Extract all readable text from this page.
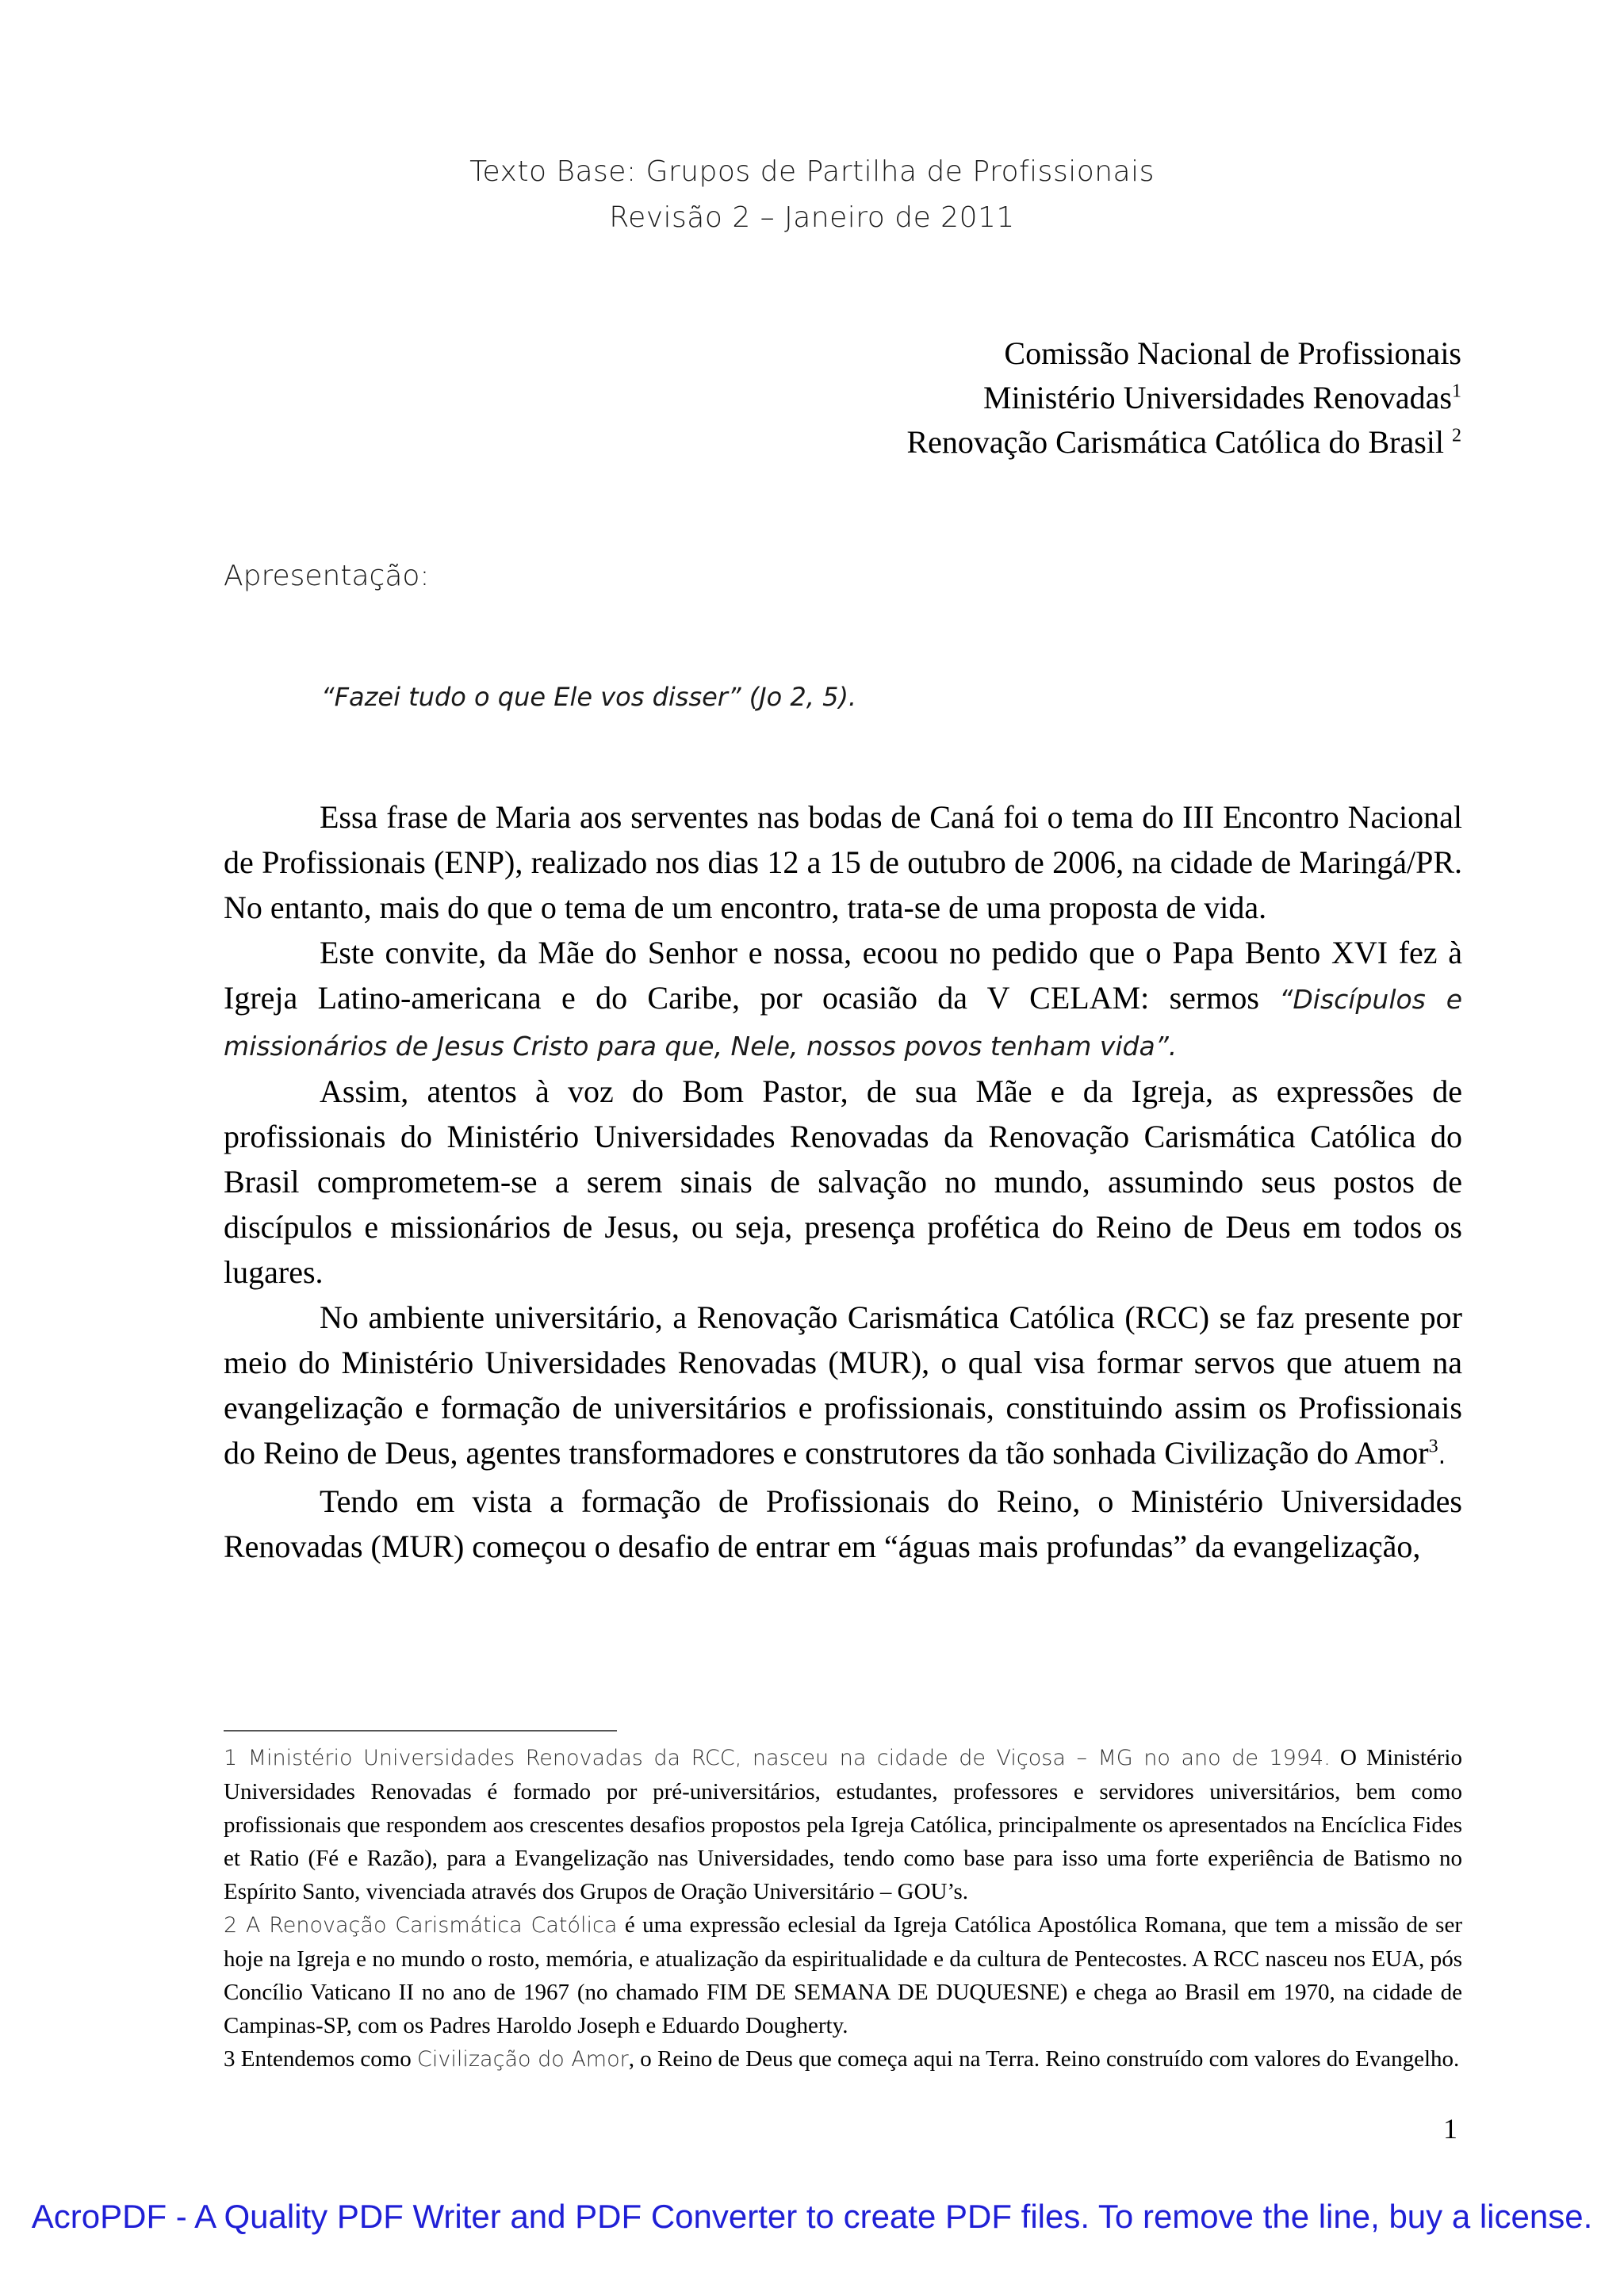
Texto Base: Grupos de Partilha de Profissionais
Revisão 2 – Janeiro de 2011
Comissão Nacional de Profissionais
Ministério Universidades Renovadas$^1$
Renovação Carismática Católica do Brasil $^2$
Apresentação:
“Fazei tudo o que Ele vos disser” (Jo 2, 5).

Essa frase de Maria aos serventes nas bodas de Caná foi o tema do III Encontro Nacional de Profissionais (ENP), realizado nos dias 12 a 15 de outubro de 2006, na cidade de Maringá/PR. No entanto, mais do que o tema de um encontro, trata-se de uma proposta de vida.

Este convite, da Mãe do Senhor e nossa, ecoou no pedido que o Papa Bento XVI fez à Igreja Latino-americana e do Caribe, por ocasião da V CELAM: sermos “Discípulos e missionários de Jesus Cristo para que, Nele, nossos povos tenham vida”.

Assim, atentos à voz do Bom Pastor, de sua Mãe e da Igreja, as expressões de profissionais do Ministério Universidades Renovadas da Renovação Carismática Católica do Brasil comprometem-se a serem sinais de salvação no mundo, assumindo seus postos de discípulos e missionários de Jesus, ou seja, presença profética do Reino de Deus em todos os lugares.

No ambiente universitário, a Renovação Carismática Católica (RCC) se faz presente por meio do Ministério Universidades Renovadas (MUR), o qual visa formar servos que atuem na evangelização e formação de universitários e profissionais, constituindo assim os Profissionais do Reino de Deus, agentes transformadores e construtores da tão sonhada Civilização do Amor$^3$.

Tendo em vista a formação de Profissionais do Reino, o Ministério Universidades Renovadas (MUR) começou o desafio de entrar em “águas mais profundas” da evangelização,

1 Ministério Universidades Renovadas da RCC, nasceu na cidade de Viçosa – MG no ano de 1994. O Ministério Universidades Renovadas é formado por pré-universitários, estudantes, professores e servidores universitários, bem como profissionais que respondem aos crescentes desafios propostos pela Igreja Católica, principalmente os apresentados na Encíclica Fides et Ratio (Fé e Razão), para a Evangelização nas Universidades, tendo como base para isso uma forte experiência de Batismo no Espírito Santo, vivenciada através dos Grupos de Oração Universitário – GOU’s.

2 A Renovação Carismática Católica é uma expressão eclesial da Igreja Católica Apostólica Romana, que tem a missão de ser hoje na Igreja e no mundo o rosto, memória, e atualização da espiritualidade e da cultura de Pentecostes. A RCC nasceu nos EUA, pós Concílio Vaticano II no ano de 1967 (no chamado FIM DE SEMANA DE DUQUESNE) e chega ao Brasil em 1970, na cidade de Campinas-SP, com os Padres Haroldo Joseph e Eduardo Dougherty.

3 Entendemos como Civilização do Amor, o Reino de Deus que começa aqui na Terra. Reino construído com valores do Evangelho.

1
AcroPDF - A Quality PDF Writer and PDF Converter to create PDF files. To remove the line, buy a license.
